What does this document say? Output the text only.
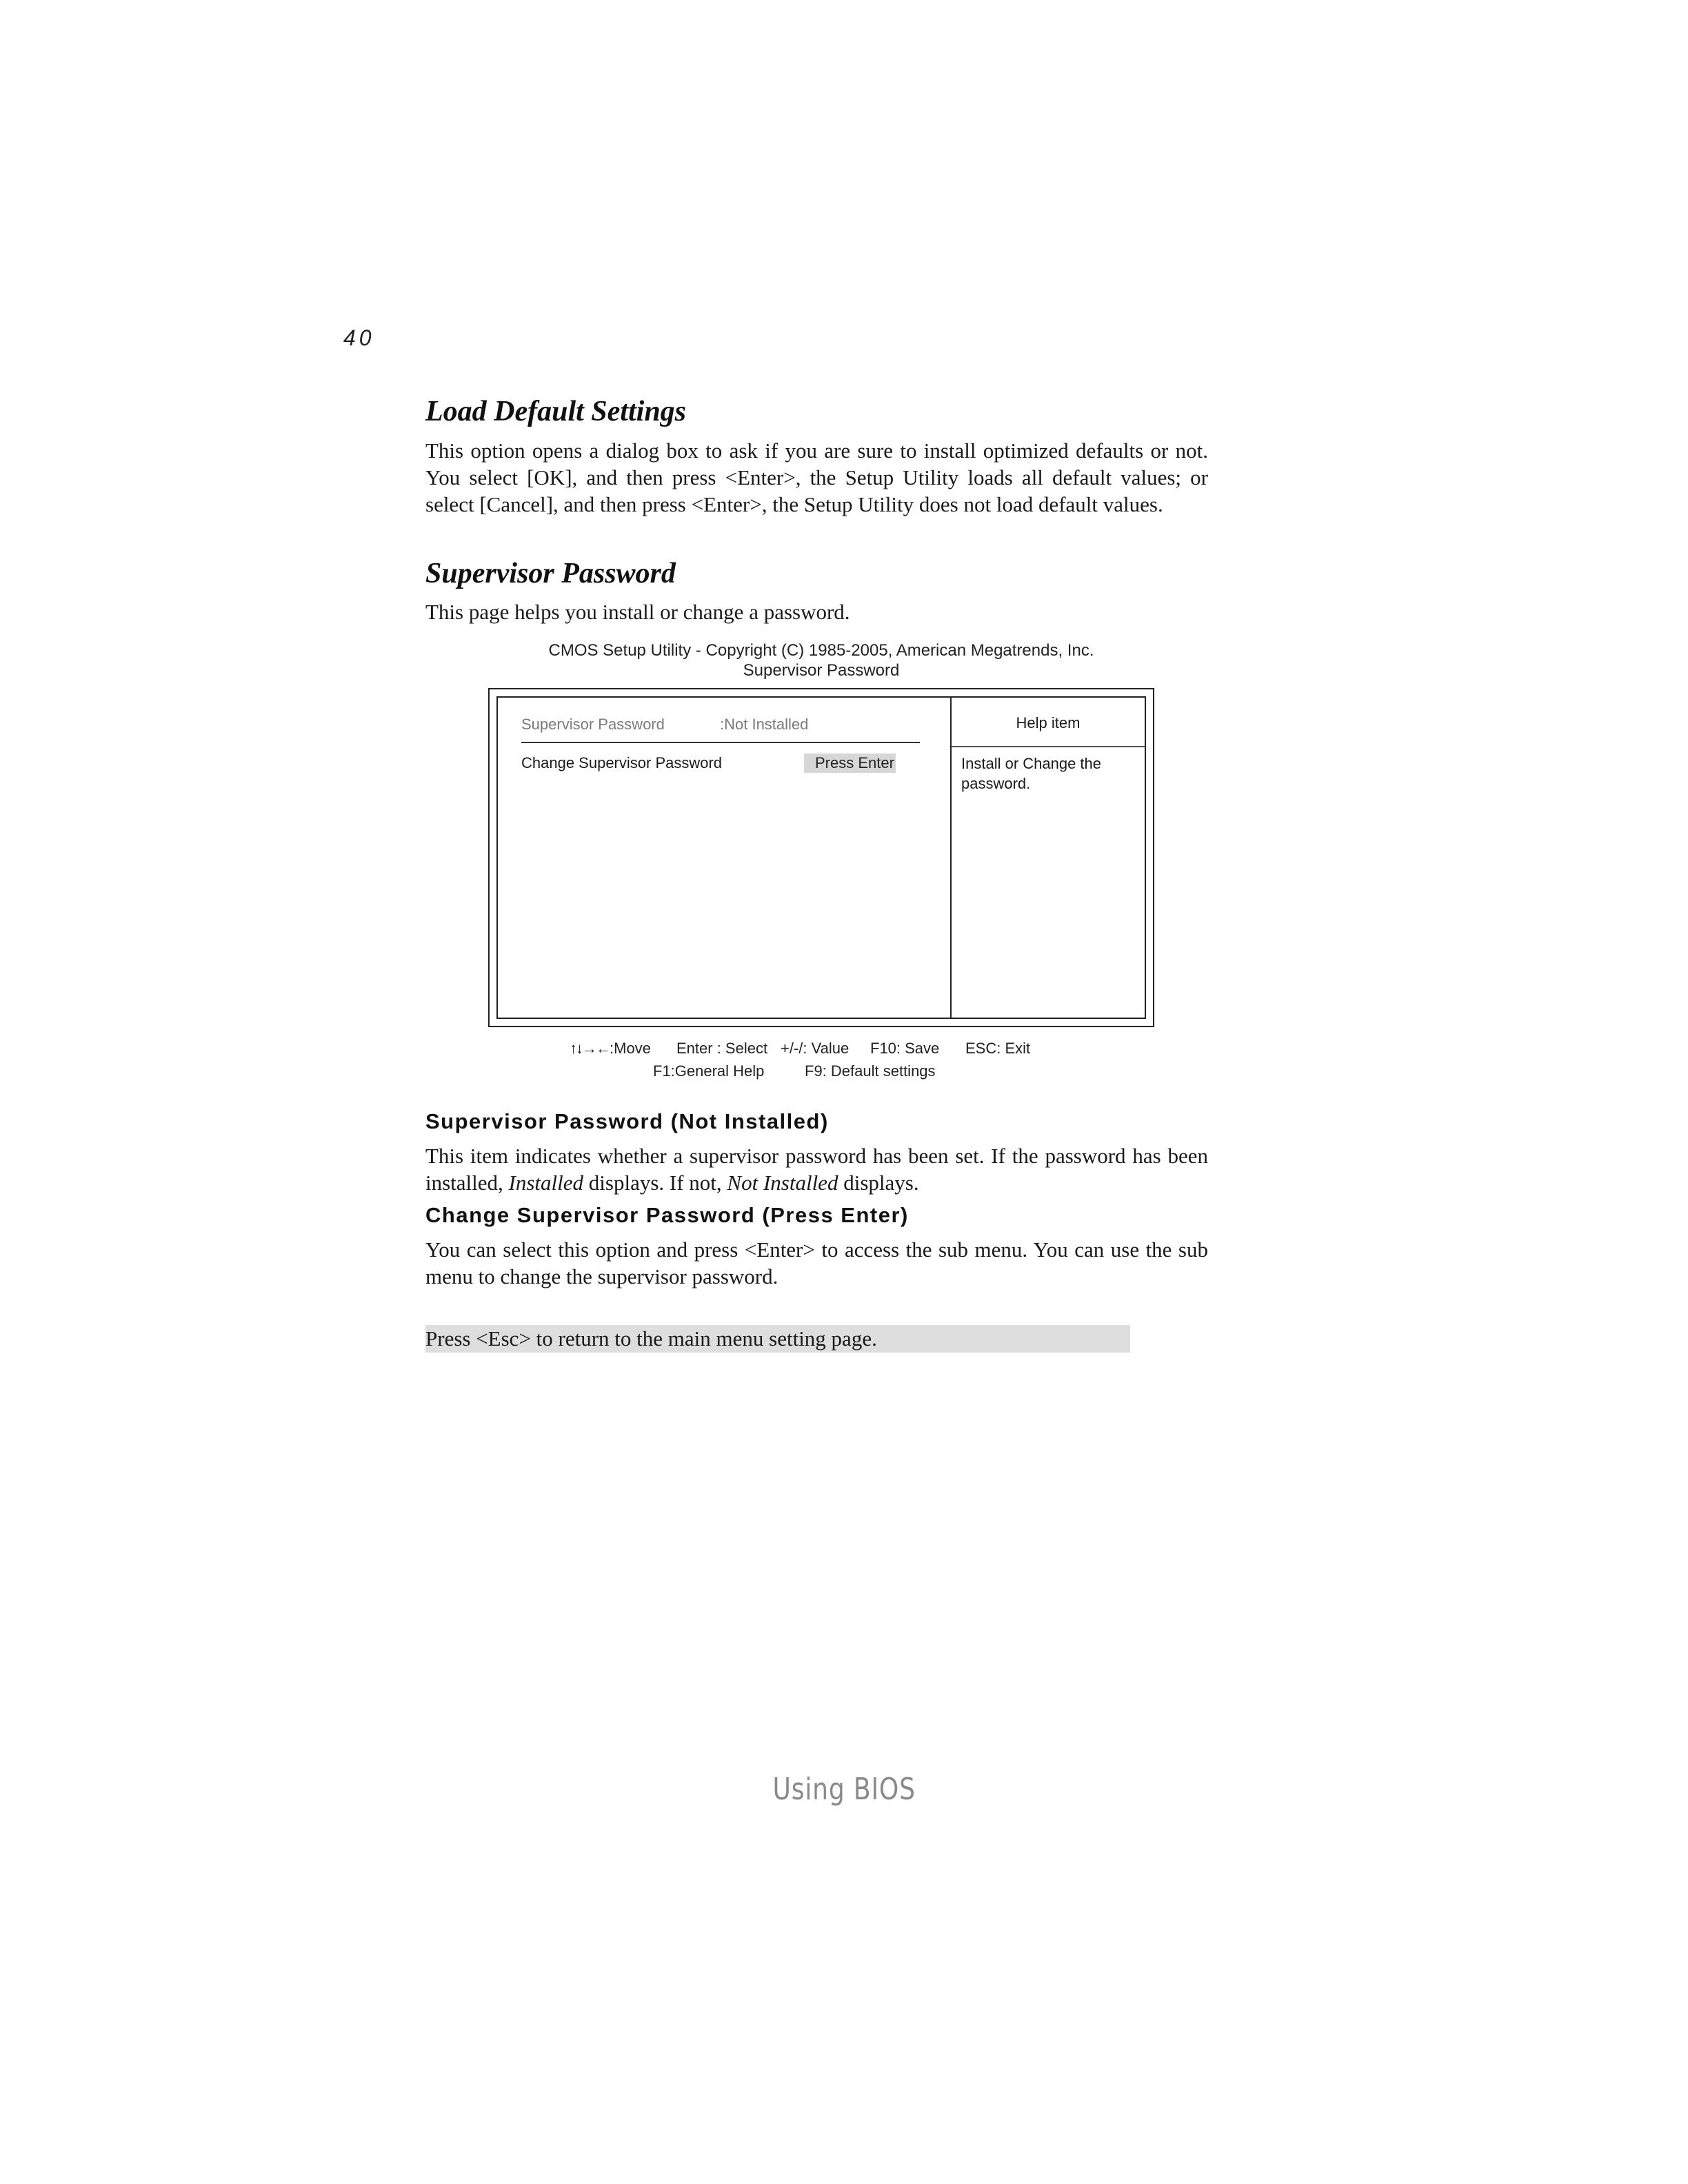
40
Load Default Settings
This option opens a dialog box to ask if you are sure to install optimized defaults or not. You select [OK], and then press <Enter>, the Setup Utility loads all default values; or select [Cancel], and then press <Enter>, the Setup Utility does not load default values.
Supervisor Password
This page helps you install or change a password.
CMOS Setup Utility - Copyright (C) 1985-2005, American Megatrends, Inc.
Supervisor Password
Supervisor Password	:Not Installed
Change Supervisor Password	Press Enter
Help item
Install or Change the
password.
↑↓→←:Move Enter : Select +/-/: Value F10: Save ESC: Exit
F1:General Help	F9: Default settings
Supervisor Password (Not Installed)
This item indicates whether a supervisor password has been set. If the password has been installed, Installed displays. If not, Not Installed displays.
Change Supervisor Password (Press Enter)
You can select this option and press <Enter> to access the sub menu. You can use the sub menu to change the supervisor password.
Press <Esc> to return to the main menu setting page.
Using BIOS
